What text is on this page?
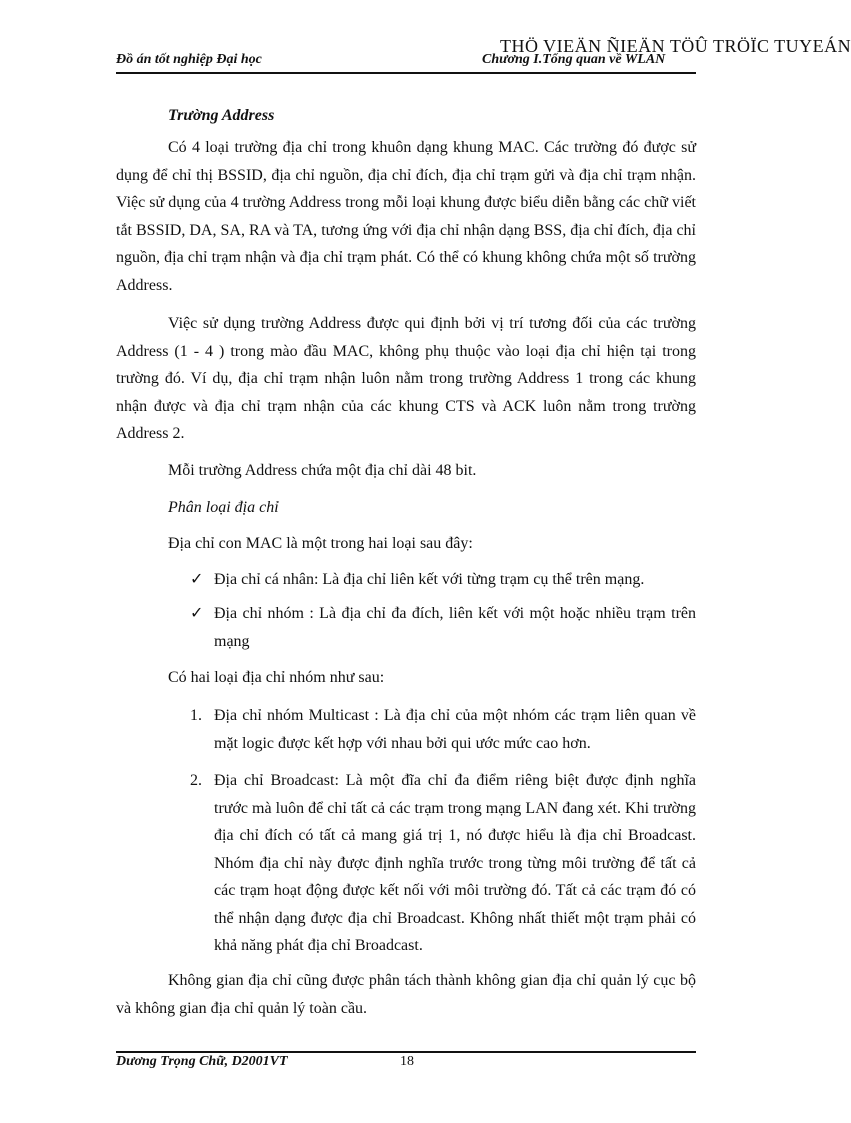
THÖ VIEÄN ÑIEÄN TÖÛ TRÖÏC TUYEÁN
Đồ án tốt nghiệp Đại học	Chương I.Tổng quan về WLAN
Trường Address
Có 4 loại trường địa chỉ trong khuôn dạng khung MAC. Các trường đó được sử dụng để chỉ thị BSSID, địa chỉ nguồn, địa chỉ đích, địa chỉ trạm gửi và địa chỉ trạm nhận. Việc sử dụng của 4 trường Address trong mỗi loại khung được biểu diễn bằng các chữ viết tắt BSSID, DA, SA, RA và TA, tương ứng với địa chỉ nhận dạng BSS, địa chỉ đích, địa chỉ nguồn, địa chỉ trạm nhận và địa chỉ trạm phát. Có thể có khung không chứa một số trường Address.
Việc sử dụng trường Address được qui định bởi vị trí tương đối của các trường Address (1 - 4 ) trong mào đầu MAC, không phụ thuộc vào loại địa chỉ hiện tại trong trường đó. Ví dụ, địa chỉ trạm nhận luôn nằm trong trường Address 1 trong các khung nhận được và địa chỉ trạm nhận của các khung CTS và ACK luôn nằm trong trường Address 2.
Mỗi trường Address chứa một địa chỉ dài 48 bit.
Phân loại địa chỉ
Địa chỉ con MAC là một trong hai loại sau đây:
✓ Địa chỉ cá nhân: Là địa chỉ liên kết với từng trạm cụ thể trên mạng.
✓ Địa chỉ nhóm : Là địa chỉ đa đích, liên kết với một hoặc nhiều trạm trên mạng
Có hai loại địa chỉ nhóm như sau:
1. Địa chỉ nhóm Multicast : Là địa chỉ của một nhóm các trạm liên quan về mặt logic được kết hợp với nhau bởi qui ước mức cao hơn.
2. Địa chỉ Broadcast: Là một đĩa chỉ đa điểm riêng biệt được định nghĩa trước mà luôn để chỉ tất cả các trạm trong mạng LAN đang xét. Khi trường địa chỉ đích có tất cả mang giá trị 1, nó được hiểu là địa chỉ Broadcast. Nhóm địa chỉ này được định nghĩa trước trong từng môi trường để tất cả các trạm hoạt động được kết nối với môi trường đó. Tất cả các trạm đó có thể nhận dạng được địa chỉ Broadcast. Không nhất thiết một trạm phải có khả năng phát địa chỉ Broadcast.
Không gian địa chỉ cũng được phân tách thành không gian địa chỉ quản lý cục bộ và không gian địa chỉ quản lý toàn cầu.
Dương Trọng Chữ, D2001VT	18
